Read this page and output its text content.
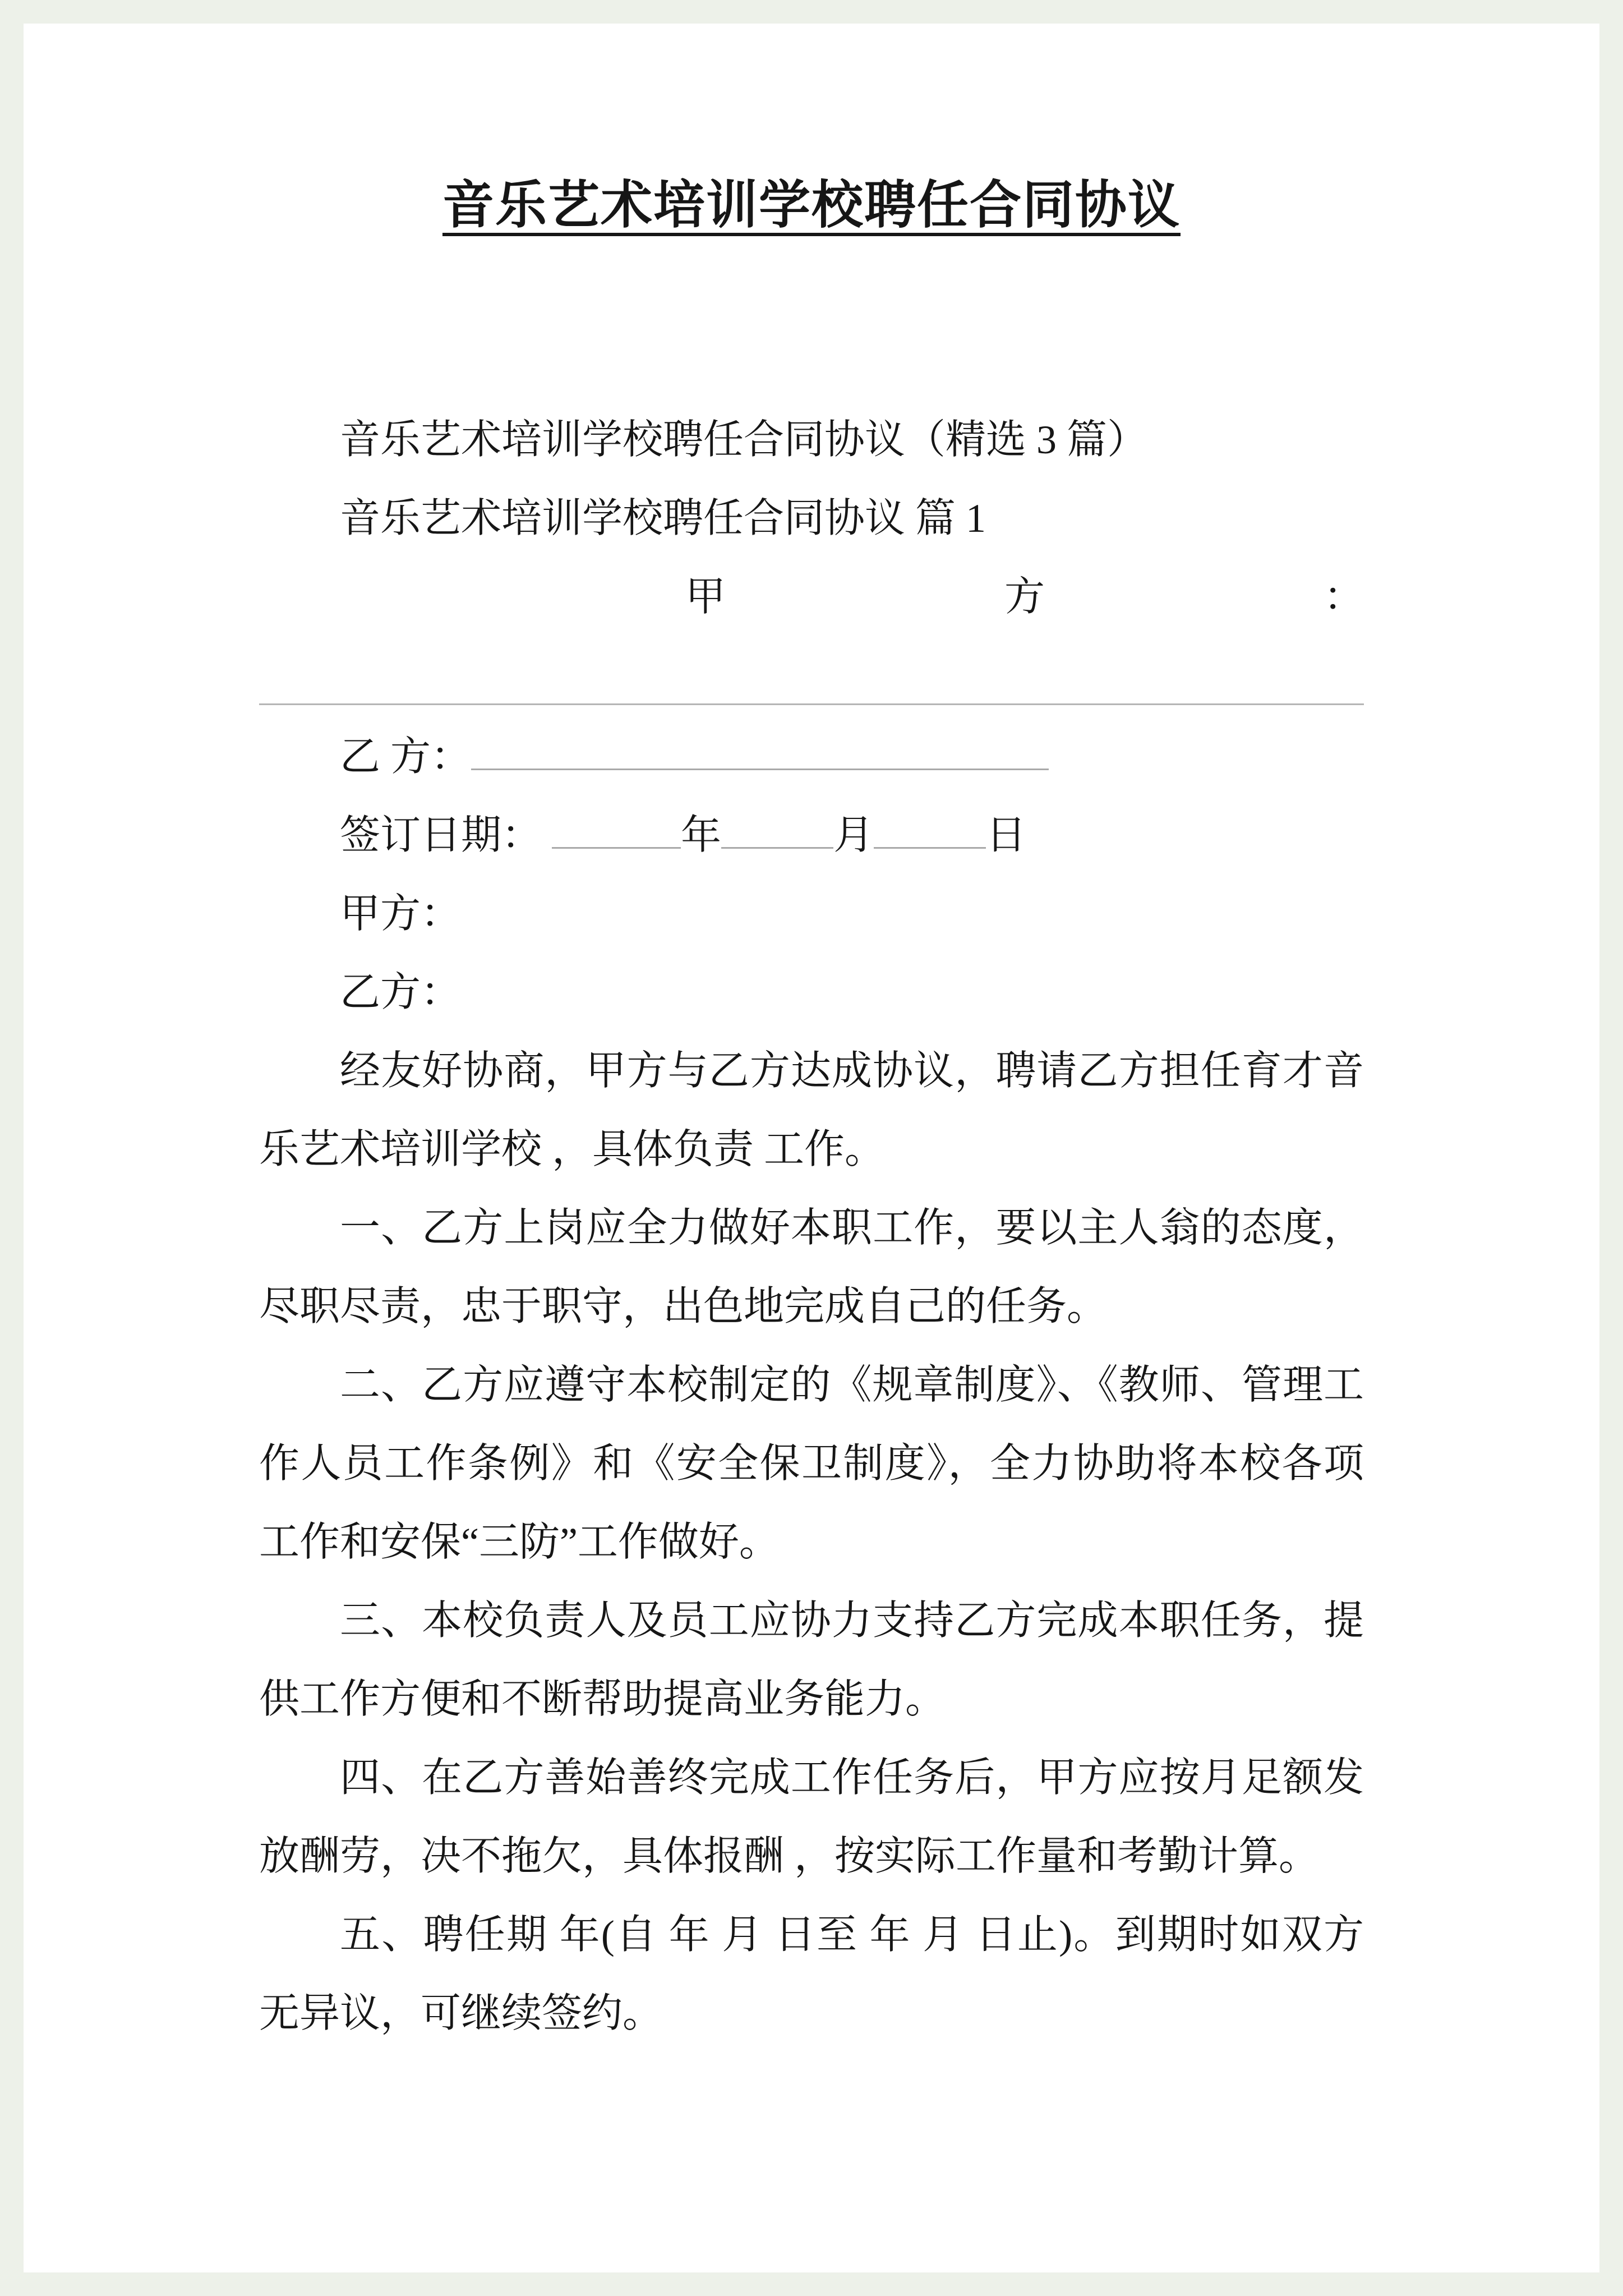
音乐艺术培训学校聘任合同协议
音乐艺术培训学校聘任合同协议（精选 3 篇）
音乐艺术培训学校聘任合同协议 篇 1
甲	方	：
乙 方：
签订日期：	年	月	日
甲方：
乙方：

经友好协商，甲方与乙方达成协议，聘请乙方担任育才音乐艺术培训学校 ，具体负责 工作。

一、乙方上岗应全力做好本职工作，要以主人翁的态度，尽职尽责，忠于职守，出色地完成自己的任务。

二、乙方应遵守本校制定的《规章制度》、《教师、管理工作人员工作条例》和《安全保卫制度》，全力协助将本校各项工作和安保“三防”工作做好。

三、本校负责人及员工应协力支持乙方完成本职任务，提供工作方便和不断帮助提高业务能力。

四、在乙方善始善终完成工作任务后，甲方应按月足额发放酬劳，决不拖欠，具体报酬 ，按实际工作量和考勤计算。

五、聘任期 年(自 年 月 日至 年 月 日止)。到期时如双方无异议，可继续签约。
